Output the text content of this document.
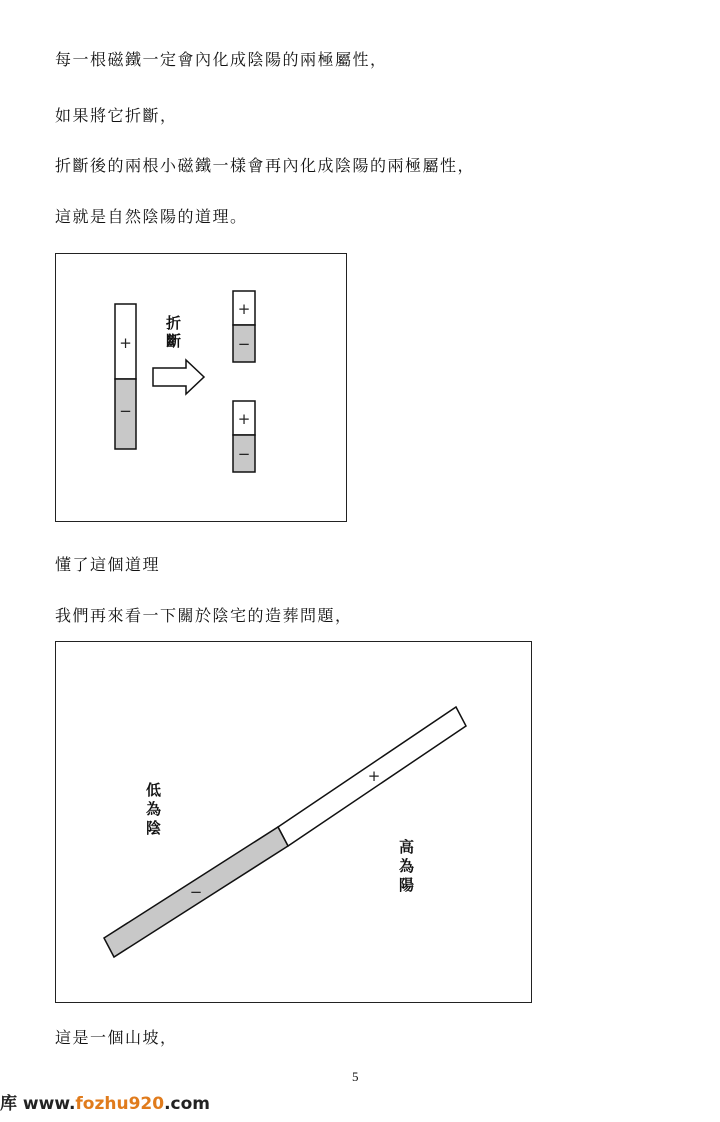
每一根磁鐵一定會內化成陰陽的兩極屬性，
如果將它折斷，
折斷後的兩根小磁鐵一樣會再內化成陰陽的兩極屬性，
這就是自然陰陽的道理。
+
−
折
斷
+
−
+
−
懂了這個道理
我們再來看一下關於陰宅的造葬問題，
+
−
低
為
陰
高
為
陽
這是一個山坡，
5
库 www.fozhu920.com
